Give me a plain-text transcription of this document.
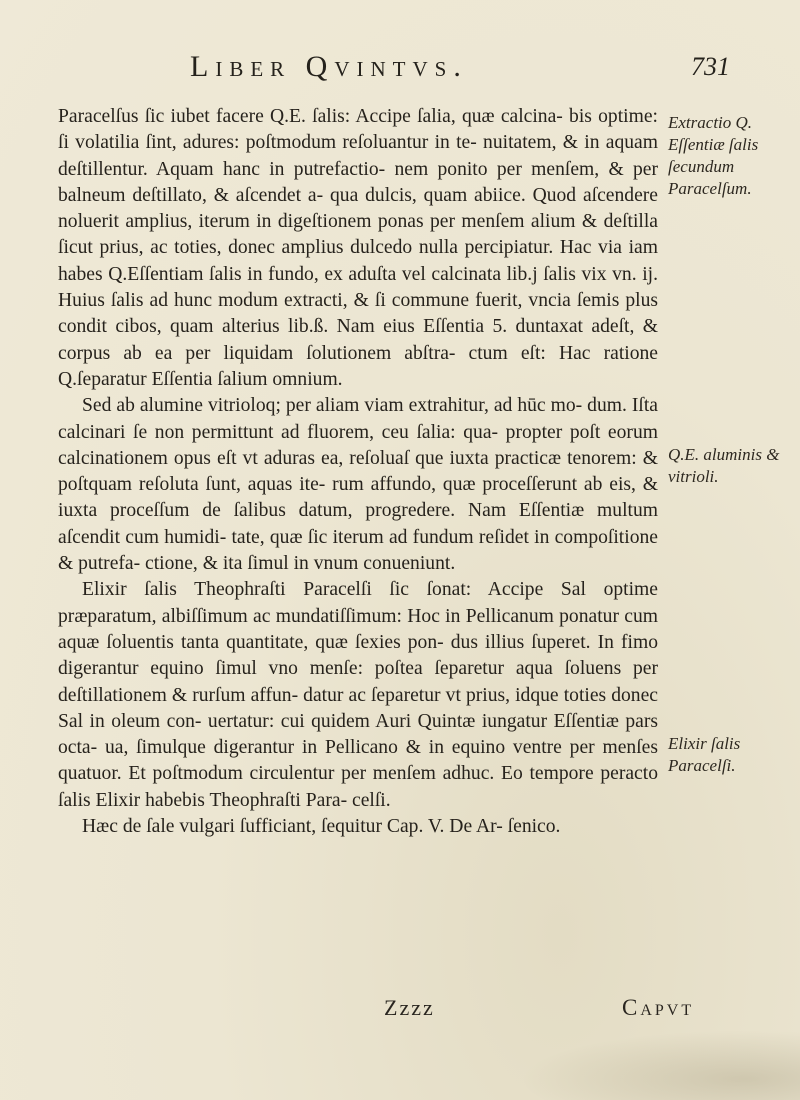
Liber Qvintvs.	731

Paracelſus ſic iubet facere Q.E. ſalis: Accipe ſalia, quæ calcina- bis optime: ſi volatilia ſint, adures: poſtmodum reſoluantur in te- nuitatem, & in aquam deſtillentur. Aquam hanc in putrefactio- nem ponito per menſem, & per balneum deſtillato, & aſcendet a- qua dulcis, quam abiice. Quod aſcendere noluerit amplius, iterum in digeſtionem ponas per menſem alium & deſtilla ſicut prius, ac toties, donec amplius dulcedo nulla percipiatur. Hac via iam habes Q.Eſſentiam ſalis in fundo, ex aduſta vel calcinata lib.j ſalis vix vn. ij. Huius ſalis ad hunc modum extracti, & ſi commune fuerit, vncia ſemis plus condit cibos, quam alterius lib.ß. Nam eius Eſſentia 5. duntaxat adeſt, & corpus ab ea per liquidam ſolutionem abſtra- ctum eſt: Hac ratione Q.ſeparatur Eſſentia ſalium omnium.

Sed ab alumine vitrioloq; per aliam viam extrahitur, ad hūc mo- dum. Iſta calcinari ſe non permittunt ad fluorem, ceu ſalia: qua- propter poſt eorum calcinationem opus eſt vt aduras ea, reſoluaſ que iuxta practicæ tenorem: & poſtquam reſoluta ſunt, aquas ite- rum affundo, quæ proceſſerunt ab eis, & iuxta proceſſum de ſalibus datum, progredere. Nam Eſſentiæ multum aſcendit cum humidi- tate, quæ ſic iterum ad fundum reſidet in compoſitione & putrefa- ctione, & ita ſimul in vnum conueniunt.

Elixir ſalis Theophraſti Paracelſi ſic ſonat: Accipe Sal optime præparatum, albiſſimum ac mundatiſſimum: Hoc in Pellicanum ponatur cum aquæ ſoluentis tanta quantitate, quæ ſexies pon- dus illius ſuperet. In fimo digerantur equino ſimul vno menſe: poſtea ſeparetur aqua ſoluens per deſtillationem & rurſum affun- datur ac ſeparetur vt prius, idque toties donec Sal in oleum con- uertatur: cui quidem Auri Quintæ iungatur Eſſentiæ pars octa- ua, ſimulque digerantur in Pellicano & in equino ventre per menſes quatuor. Et poſtmodum circulentur per menſem adhuc. Eo tempore peracto ſalis Elixir habebis Theophraſti Para- celſi.

Hæc de ſale vulgari ſufficiant, ſequitur Cap. V. De Ar- ſenico.

Extractio Q. Eſſentiæ ſalis ſecundum Paracelſum.
Q.E. aluminis & vitrioli.
Elixir ſalis Paracelſi.
Zzzz	Capvt
